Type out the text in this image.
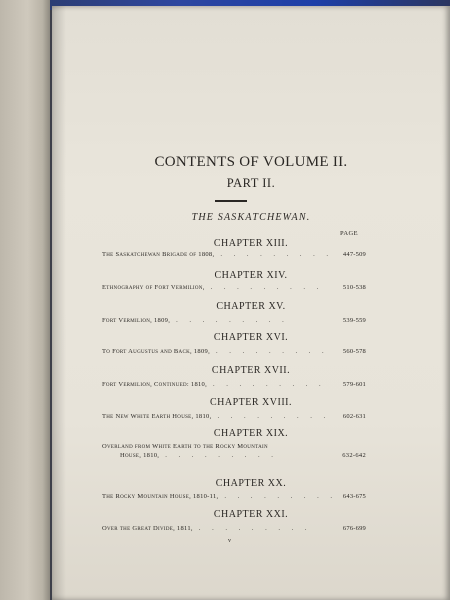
CONTENTS OF VOLUME II.
PART II.
THE SASKATCHEWAN.
PAGE
CHAPTER XIII.
The Saskatchewan Brigade of 1808, . . . . . . . . . 447-509
CHAPTER XIV.
Ethnography of Fort Vermilion, . . . . . . . . .	510-538
CHAPTER XV.
Fort Vermilion, 1809, . . . . . . . . .	539-559
CHAPTER XVI.
To Fort Augustus and Back, 1809, . . . . . . . . . 560-578
CHAPTER XVII.
Fort Vermilion, Continued: 1810, . . . . . . . . .	579-601
CHAPTER XVIII.
The New White Earth House, 1810, . . . . . . . . . 602-631
CHAPTER XIX.
Overland from White Earth to the Rocky Mountain
House, 1810, . . . . . . . . .	632-642
CHAPTER XX.
The Rocky Mountain House, 1810-11, . . . . . . . . . 643-675
CHAPTER XXI.
Over the Great Divide, 1811, . . . . . . . . .	676-699
v
